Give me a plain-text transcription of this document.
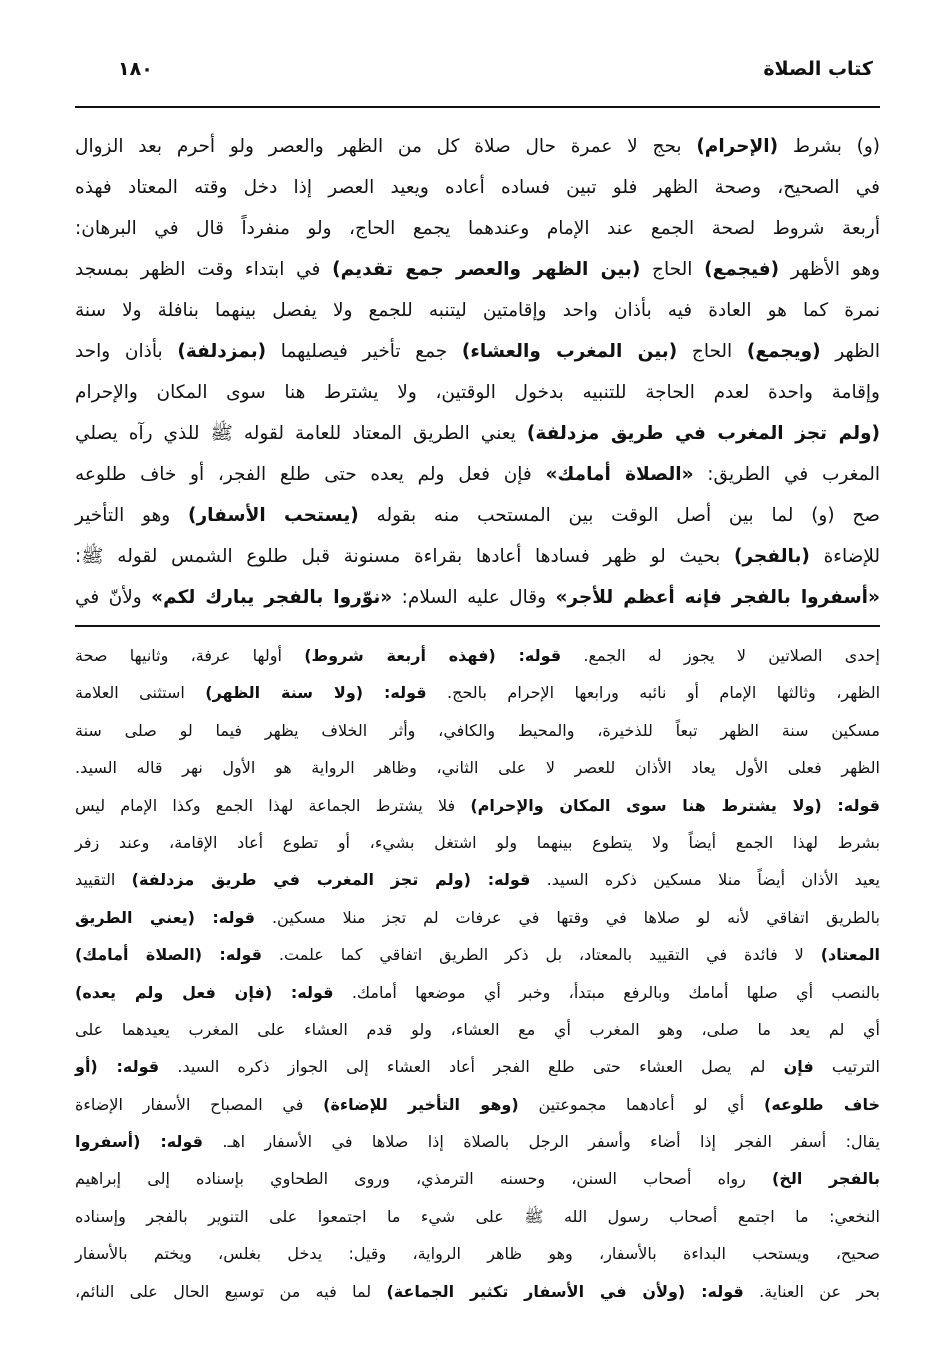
١٨٠	كتاب الصلاة
(و) بشرط (الإحرام) بحج لا عمرة حال صلاة كل من الظهر والعصر ولو أحرم بعد الزوال
في الصحيح، وصحة الظهر فلو تبين فساده أعاده ويعيد العصر إذا دخل وقته المعتاد فهذه
أربعة شروط لصحة الجمع عند الإمام وعندهما يجمع الحاج، ولو منفرداً قال في البرهان:
وهو الأظهر (فيجمع) الحاج (بين الظهر والعصر جمع تقديم) في ابتداء وقت الظهر بمسجد
نمرة كما هو العادة فيه بأذان واحد وإقامتين ليتنبه للجمع ولا يفصل بينهما بنافلة ولا سنة
الظهر (ويجمع) الحاج (بين المغرب والعشاء) جمع تأخير فيصليهما (بمزدلفة) بأذان واحد
وإقامة واحدة لعدم الحاجة للتنبيه بدخول الوقتين، ولا يشترط هنا سوى المكان والإحرام
(ولم تجز المغرب في طريق مزدلفة) يعني الطريق المعتاد للعامة لقوله ﷺ للذي رآه يصلي
المغرب في الطريق: «الصلاة أمامك» فإن فعل ولم يعده حتى طلع الفجر، أو خاف طلوعه
صح (و) لما بين أصل الوقت بين المستحب منه بقوله (يستحب الأسفار) وهو التأخير
للإضاءة (بالفجر) بحيث لو ظهر فسادها أعادها بقراءة مسنونة قبل طلوع الشمس لقوله ﷺ:
«أسفروا بالفجر فإنه أعظم للأجر» وقال عليه السلام: «نوّروا بالفجر يبارك لكم» ولأنّ في
إحدى الصلاتين لا يجوز له الجمع. قوله: (فهذه أربعة شروط) أولها عرفة، وثانيها صحة
الظهر، وثالثها الإمام أو نائبه ورابعها الإحرام بالحج. قوله: (ولا سنة الظهر) استثنى العلامة
مسكين سنة الظهر تبعاً للذخيرة، والمحيط والكافي، وأثر الخلاف يظهر فيما لو صلى سنة
الظهر فعلى الأول يعاد الأذان للعصر لا على الثاني، وظاهر الرواية هو الأول نهر قاله السيد.
قوله: (ولا يشترط هنا سوى المكان والإحرام) فلا يشترط الجماعة لهذا الجمع وكذا الإمام ليس
بشرط لهذا الجمع أيضاً ولا يتطوع بينهما ولو اشتغل بشيء، أو تطوع أعاد الإقامة، وعند زفر
يعيد الأذان أيضاً منلا مسكين ذكره السيد. قوله: (ولم تجز المغرب في طريق مزدلفة) التقييد
بالطريق اتفاقي لأنه لو صلاها في وقتها في عرفات لم تجز منلا مسكين. قوله: (يعني الطريق
المعتاد) لا فائدة في التقييد بالمعتاد، بل ذكر الطريق اتفاقي كما علمت. قوله: (الصلاة أمامك)
بالنصب أي صلها أمامك وبالرفع مبتدأ، وخبر أي موضعها أمامك. قوله: (فإن فعل ولم يعده)
أي لم يعد ما صلى، وهو المغرب أي مع العشاء، ولو قدم العشاء على المغرب يعيدهما على
الترتيب فإن لم يصل العشاء حتى طلع الفجر أعاد العشاء إلى الجواز ذكره السيد. قوله: (أو
خاف طلوعه) أي لو أعادهما مجموعتين (وهو التأخير للإضاءة) في المصباح الأسفار الإضاءة
يقال: أسفر الفجر إذا أضاء وأسفر الرجل بالصلاة إذا صلاها في الأسفار اهـ. قوله: (أسفروا
بالفجر الخ) رواه أصحاب السنن، وحسنه الترمذي، وروى الطحاوي بإسناده إلى إبراهيم
النخعي: ما اجتمع أصحاب رسول الله ﷺ على شيء ما اجتمعوا على التنوير بالفجر وإسناده
صحيح، ويستحب البداءة بالأسفار، وهو ظاهر الرواية، وقيل: يدخل بغلس، ويختم بالأسفار
بحر عن العناية. قوله: (ولأن في الأسفار تكثير الجماعة) لما فيه من توسيع الحال على النائم،
